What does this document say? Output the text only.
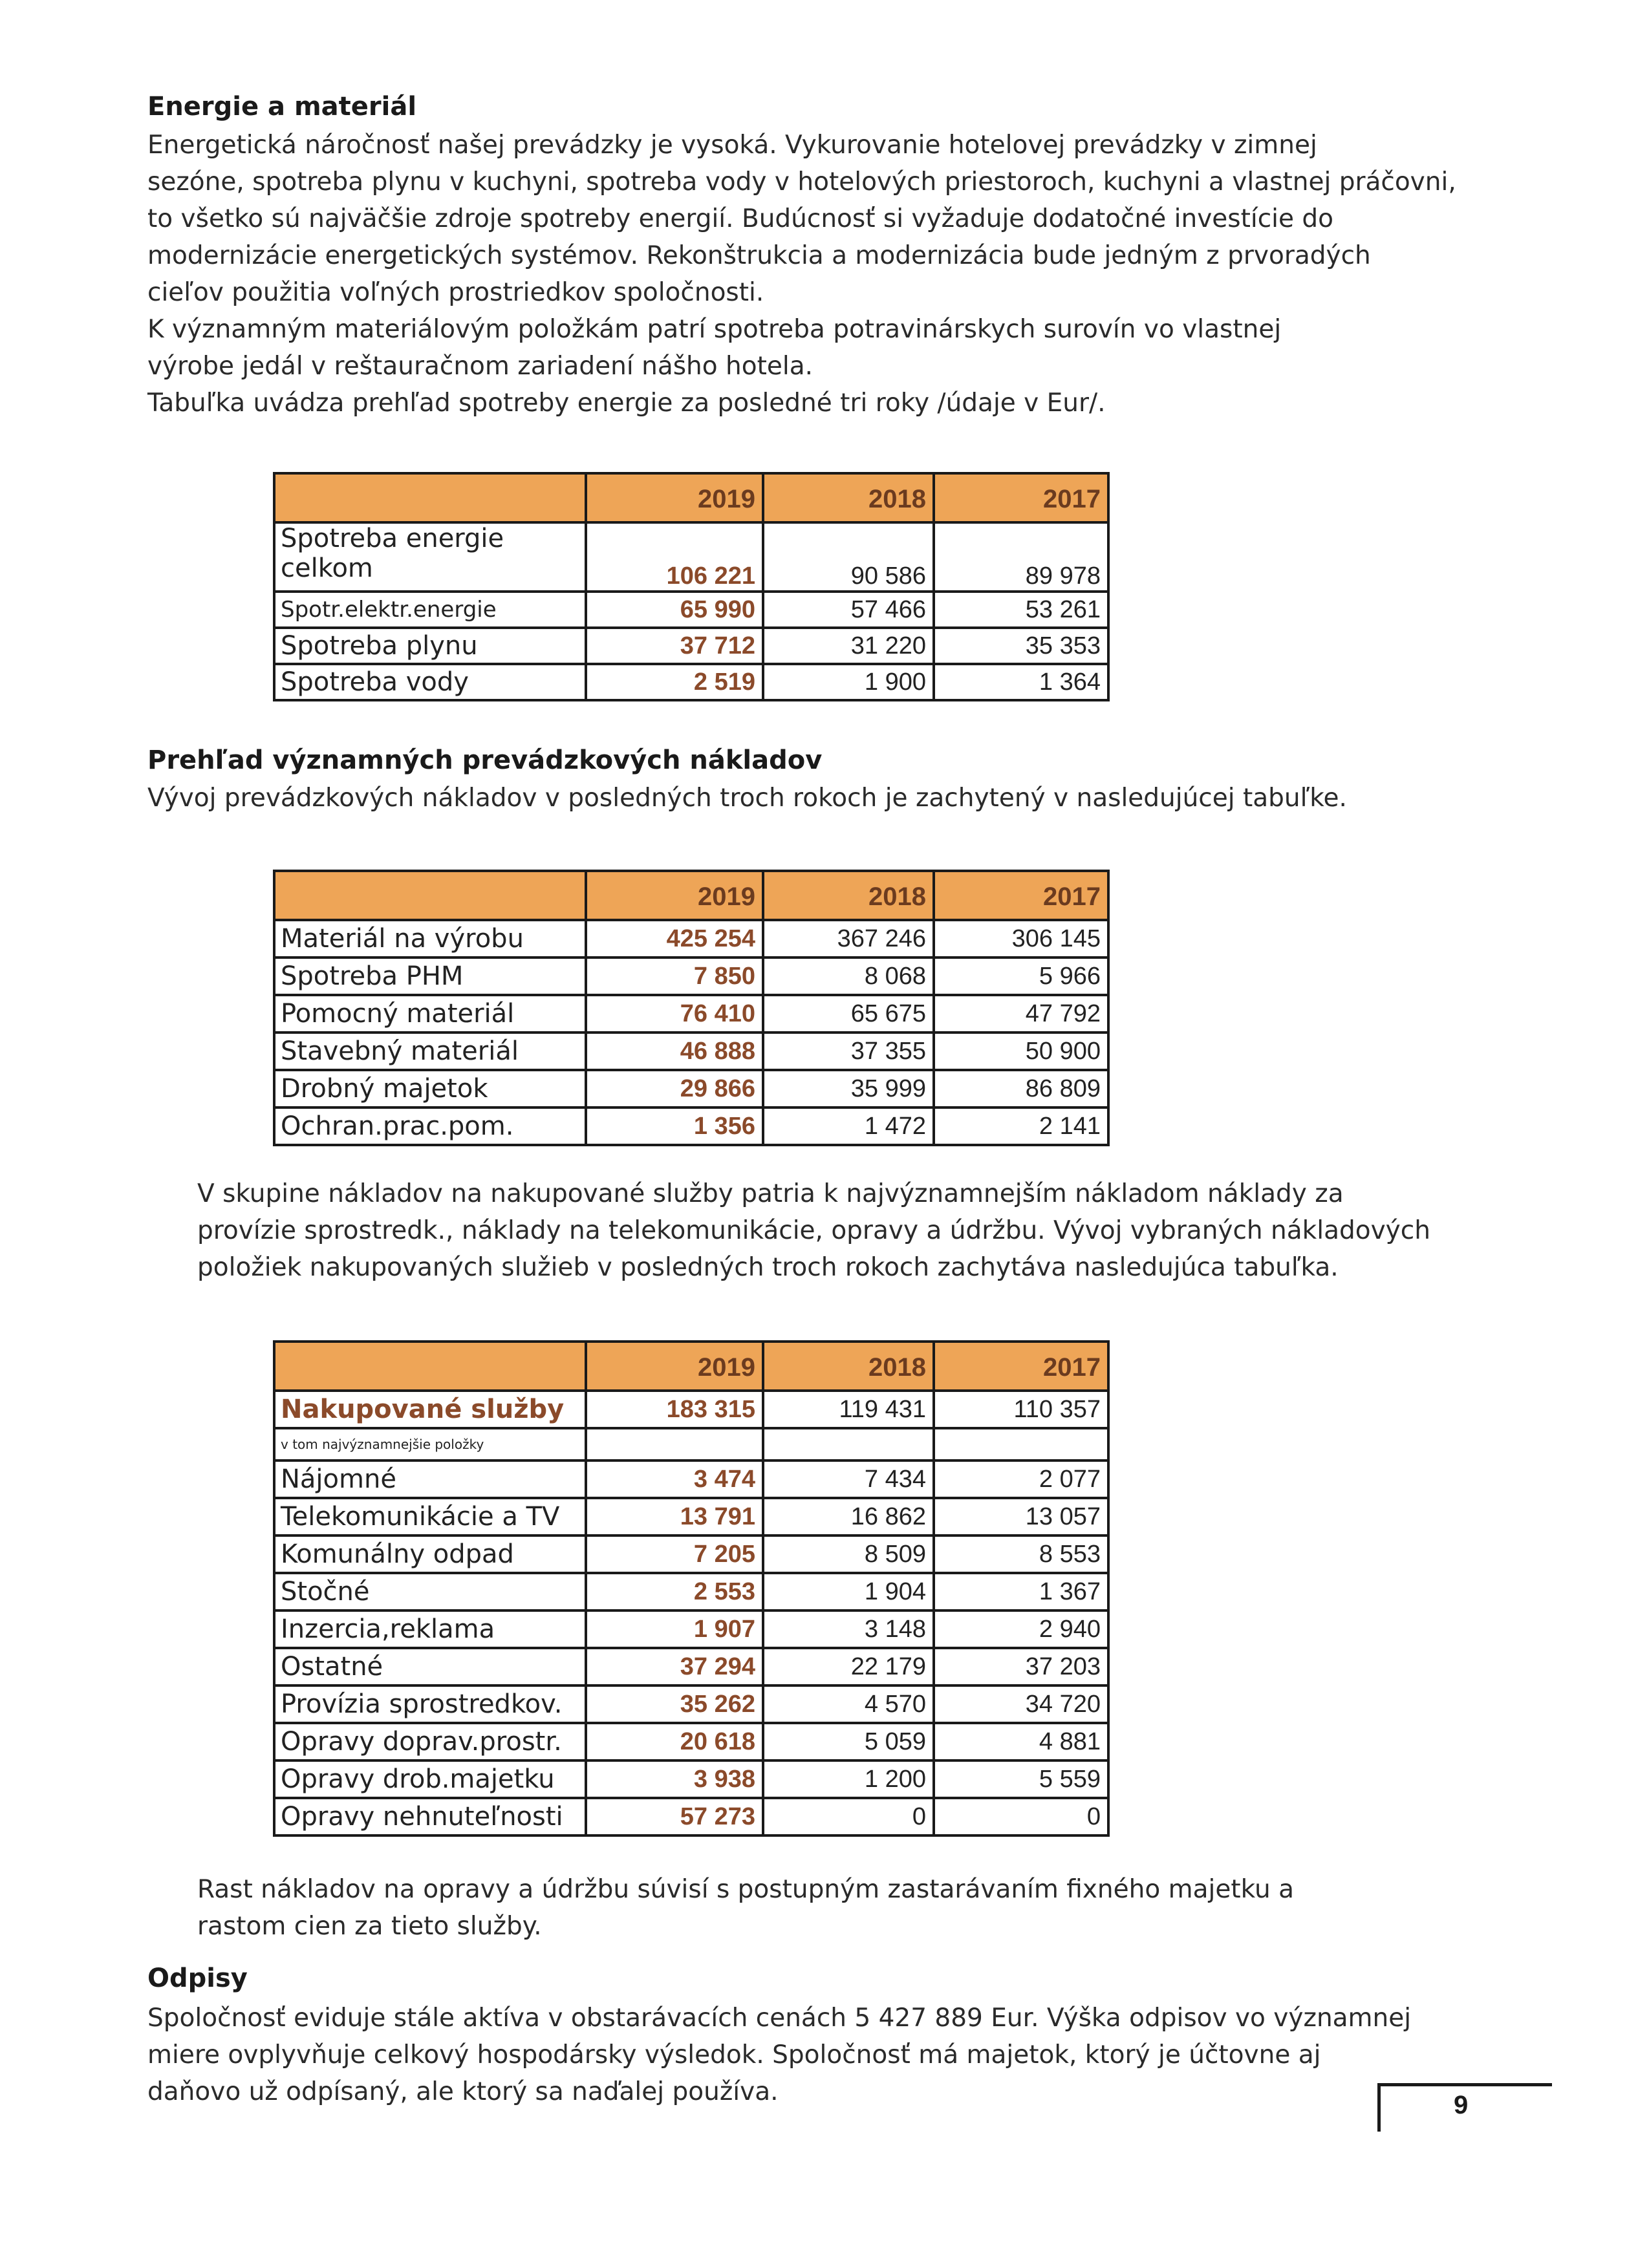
Energie a materiál
Energetická náročnosť našej prevádzky je vysoká. Vykurovanie hotelovej prevádzky v zimnej
sezóne, spotreba plynu v kuchyni, spotreba vody v hotelových priestoroch, kuchyni a vlastnej práčovni,
to všetko sú najväčšie zdroje spotreby energií. Budúcnosť si vyžaduje dodatočné investície do
modernizácie energetických systémov. Rekonštrukcia a modernizácia bude jedným z prvoradých
cieľov použitia voľných prostriedkov spoločnosti.
K významným materiálovým položkám patrí spotreba potravinárskych surovín vo vlastnej
výrobe jedál v reštauračnom zariadení nášho hotela.
Tabuľka uvádza prehľad spotreby energie za posledné tri roky /údaje v Eur/.
	2019	2018	2017
Spotreba energie celkom	106 221	90 586	89 978
Spotr.elektr.energie	65 990	57 466	53 261
Spotreba plynu	37 712	31 220	35 353
Spotreba vody	2 519	1 900	1 364
Prehľad významných prevádzkových nákladov
Vývoj prevádzkových nákladov v posledných troch rokoch je zachytený v nasledujúcej tabuľke.
	2019	2018	2017
Materiál na výrobu	425 254	367 246	306 145
Spotreba PHM	7 850	8 068	5 966
Pomocný materiál	76 410	65 675	47 792
Stavebný materiál	46 888	37 355	50 900
Drobný majetok	29 866	35 999	86 809
Ochran.prac.pom.	1 356	1 472	2 141
V skupine nákladov na nakupované služby patria k najvýznamnejším nákladom náklady za
provízie sprostredk., náklady na telekomunikácie, opravy a údržbu. Vývoj vybraných nákladových
položiek nakupovaných služieb v posledných troch rokoch zachytáva nasledujúca tabuľka.
	2019	2018	2017
Nakupované služby	183 315	119 431	110 357
v tom najvýznamnejšie položky			
Nájomné	3 474	7 434	2 077
Telekomunikácie a TV	13 791	16 862	13 057
Komunálny odpad	7 205	8 509	8 553
Stočné	2 553	1 904	1 367
Inzercia,reklama	1 907	3 148	2 940
Ostatné	37 294	22 179	37 203
Provízia sprostredkov.	35 262	4 570	34 720
Opravy doprav.prostr.	20 618	5 059	4 881
Opravy drob.majetku	3 938	1 200	5 559
Opravy nehnuteľnosti	57 273	0	0
Rast nákladov na opravy a údržbu súvisí s postupným zastarávaním fixného majetku a
rastom cien za tieto služby.
Odpisy
Spoločnosť eviduje stále aktíva v obstarávacích cenách 5 427 889 Eur. Výška odpisov vo významnej
miere ovplyvňuje celkový hospodársky výsledok. Spoločnosť má majetok, ktorý je účtovne aj
daňovo už odpísaný, ale ktorý sa naďalej používa.	9
